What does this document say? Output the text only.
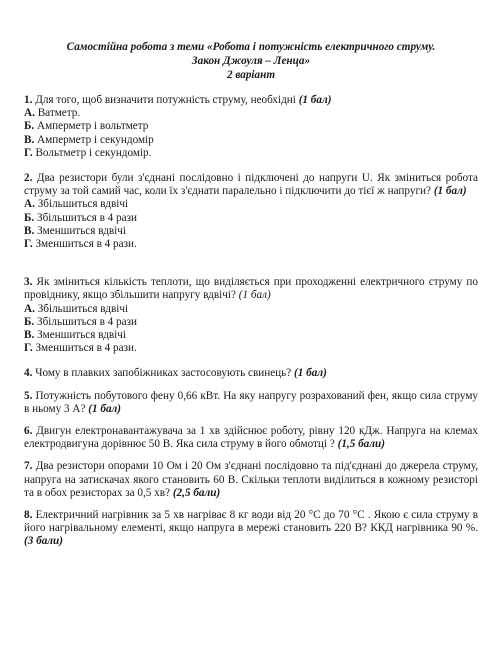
Самостійна робота з теми «Робота і потужність електричного струму.
Закон Джоуля – Ленца»
2 варіант

1. Для того, щоб визначити потужність струму, необхідні (1 бал)

А. Ватметр.
Б. Амперметр і вольтметр
В. Амперметр і секундомір
Г. Вольтметр і секундомір.

2. Два резистори були з'єднані послідовно і підключені до напруги U. Як зміниться робота струму за той самий час, коли їх з'єднати паралельно і підключити до тієї ж напруги? (1 бал)

А. Збільшиться вдвічі
Б. Збільшиться в 4 рази
В. Зменшиться вдвічі
Г. Зменшиться в 4 рази.

3. Як зміниться кількість теплоти, що виділяється при проходженні електричного струму по провіднику, якщо збільшити напругу вдвічі? (1 бал)

А. Збільшиться вдвічі
Б. Збільшиться в 4 рази
В. Зменшиться вдвічі
Г. Зменшиться в 4 рази.

4. Чому в плавких запобіжниках застосовують свинець? (1 бал)

5. Потужність побутового фену 0,66 кВт. На яку напругу розрахований фен, якщо сила струму в ньому 3 А? (1 бал)

6. Двигун електронавантажувача за 1 хв здійснює роботу, рівну 120 кДж. Напруга на клемах електродвигуна дорівнює 50 В. Яка сила струму в його обмотці ? (1,5 бали)

7. Два резистори опорами 10 Ом і 20 Ом з'єднані послідовно та під'єднані до джерела струму, напруга на затискачах якого становить 60 В. Скільки теплоти виділиться в кожному резисторі та в обох резисторах за 0,5 хв? (2,5 бали)

8. Електричний нагрівник за 5 хв нагріває 8 кг води від 20 °С до 70 °С . Якою є сила струму в його нагрівальному елементі, якщо напруга в мережі становить 220 В? ККД нагрівника 90 %. (3 бали)
